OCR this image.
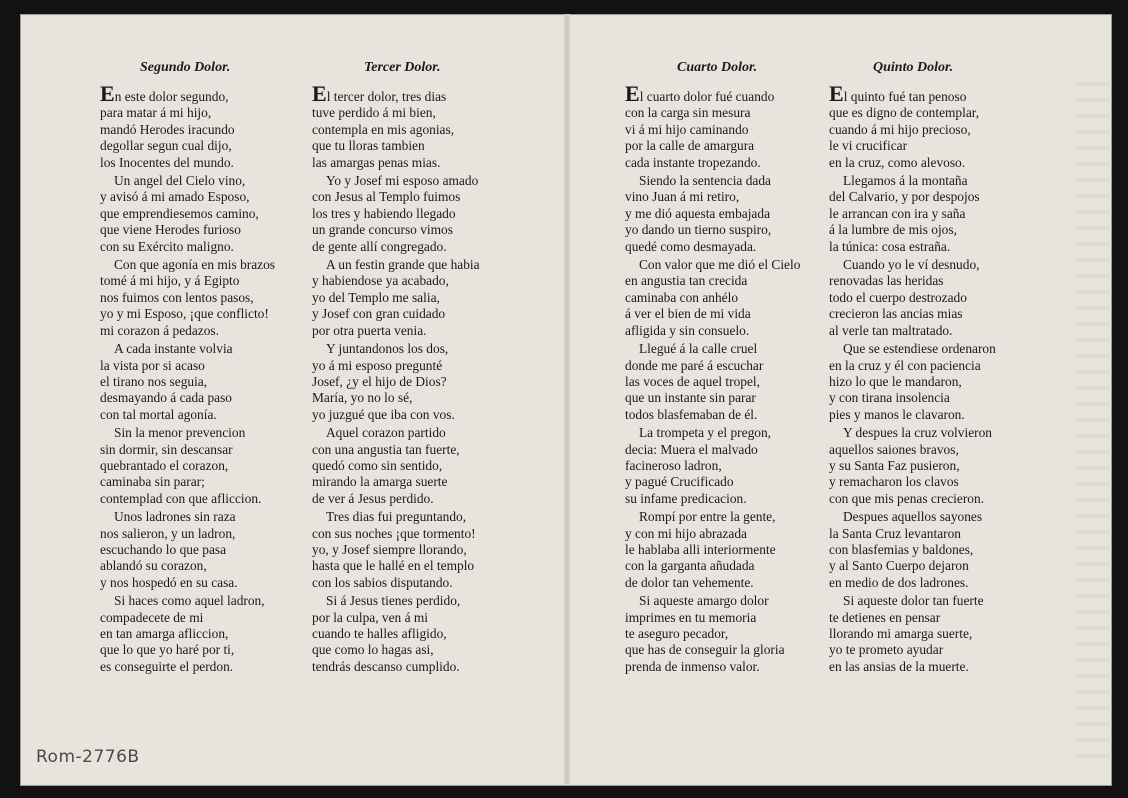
Segundo Dolor.
En este dolor segundo,
para matar á mi hijo,
mandó Herodes iracundo
degollar segun cual dijo,
los Inocentes del mundo.
Un angel del Cielo vino,
y avisó á mi amado Esposo,
que emprendiesemos camino,
que viene Herodes furioso
con su Exército maligno.
Con que agonía en mis brazos
tomé á mi hijo, y á Egipto
nos fuimos con lentos pasos,
yo y mi Esposo, ¡que conflicto!
mi corazon á pedazos.
A cada instante volvia
la vista por si acaso
el tirano nos seguia,
desmayando á cada paso
con tal mortal agonía.
Sin la menor prevencion
sin dormir, sin descansar
quebrantado el corazon,
caminaba sin parar;
contemplad con que afliccion.
Unos ladrones sin raza
nos salieron, y un ladron,
escuchando lo que pasa
ablandó su corazon,
y nos hospedó en su casa.
Si haces como aquel ladron,
compadecete de mi
en tan amarga afliccion,
que lo que yo haré por ti,
es conseguirte el perdon.
Tercer Dolor.
El tercer dolor, tres dias
tuve perdido á mi bien,
contempla en mis agonias,
que tu lloras tambien
las amargas penas mias.
Yo y Josef mi esposo amado
con Jesus al Templo fuimos
los tres y habiendo llegado
un grande concurso vimos
de gente allí congregado.
A un festin grande que habia
y habiendose ya acabado,
yo del Templo me salia,
y Josef con gran cuidado
por otra puerta venia.
Y juntandonos los dos,
yo á mi esposo pregunté
Josef, ¿y el hijo de Dios?
María, yo no lo sé,
yo juzgué que iba con vos.
Aquel corazon partido
con una angustia tan fuerte,
quedó como sin sentido,
mirando la amarga suerte
de ver á Jesus perdido.
Tres dias fui preguntando,
con sus noches ¡que tormento!
yo, y Josef siempre llorando,
hasta que le hallé en el templo
con los sabios disputando.
Si á Jesus tienes perdido,
por la culpa, ven á mi
cuando te halles afligido,
que como lo hagas asi,
tendrás descanso cumplido.
Cuarto Dolor.
El cuarto dolor fué cuando
con la carga sin mesura
vi á mi hijo caminando
por la calle de amargura
cada instante tropezando.
Siendo la sentencia dada
vino Juan á mi retiro,
y me dió aquesta embajada
yo dando un tierno suspiro,
quedé como desmayada.
Con valor que me dió el Cielo
en angustia tan crecida
caminaba con anhélo
á ver el bien de mi vida
afligida y sin consuelo.
Llegué á la calle cruel
donde me paré á escuchar
las voces de aquel tropel,
que un instante sin parar
todos blasfemaban de él.
La trompeta y el pregon,
decia: Muera el malvado
facineroso ladron,
y pagué Crucificado
su infame predicacion.
Rompí por entre la gente,
y con mi hijo abrazada
le hablaba alli interiormente
con la garganta añudada
de dolor tan vehemente.
Si aqueste amargo dolor
imprimes en tu memoria
te aseguro pecador,
que has de conseguir la gloria
prenda de inmenso valor.
Quinto Dolor.
El quinto fué tan penoso
que es digno de contemplar,
cuando á mi hijo precioso,
le vi crucificar
en la cruz, como alevoso.
Llegamos á la montaña
del Calvario, y por despojos
le arrancan con ira y saña
á la lumbre de mis ojos,
la túnica: cosa estraña.
Cuando yo le ví desnudo,
renovadas las heridas
todo el cuerpo destrozado
crecieron las ancias mias
al verle tan maltratado.
Que se estendiese ordenaron
en la cruz y él con paciencia
hizo lo que le mandaron,
y con tirana insolencia
pies y manos le clavaron.
Y despues la cruz volvieron
aquellos saiones bravos,
y su Santa Faz pusieron,
y remacharon los clavos
con que mis penas crecieron.
Despues aquellos sayones
la Santa Cruz levantaron
con blasfemias y baldones,
y al Santo Cuerpo dejaron
en medio de dos ladrones.
Si aqueste dolor tan fuerte
te detienes en pensar
llorando mi amarga suerte,
yo te prometo ayudar
en las ansias de la muerte.
Rom-2776B
